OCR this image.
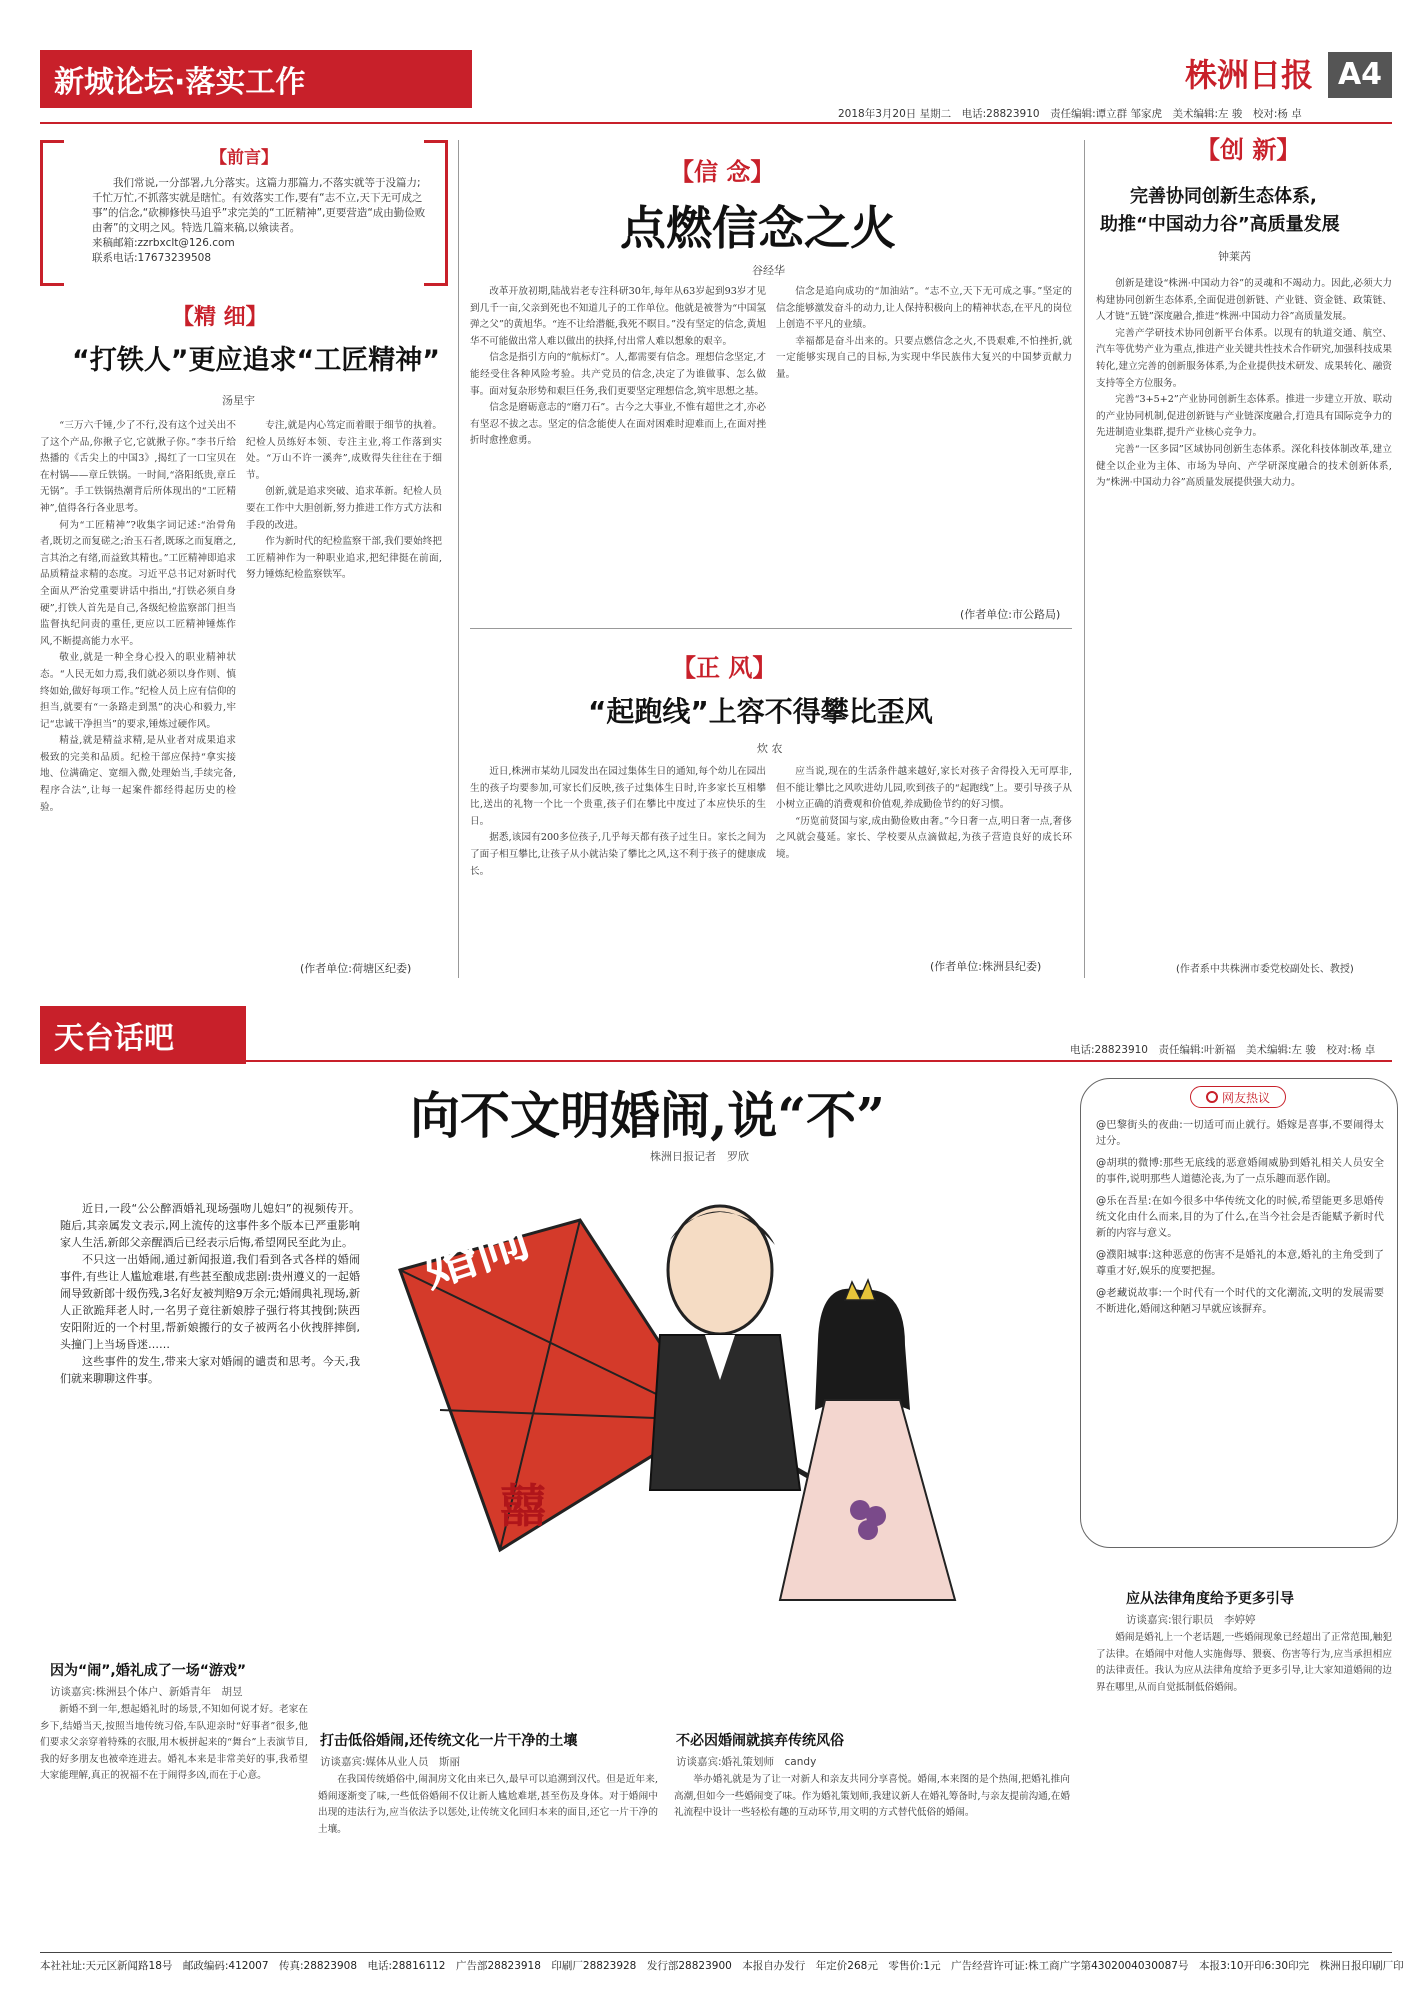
新城论坛·落实工作	株洲日报 A4
2018年3月20日 星期二　电话:28823910　责任编辑:谭立群 邹家虎　美术编辑:左 骏　校对:杨 卓
【前言】
我们常说,一分部署,九分落实。这篇力那篇力,不落实就等于没篇力;千忙万忙,不抓落实就是瞎忙。有效落实工作,要有“志不立,天下无可成之事”的信念,“砍柳修快马追乎”求完美的“工匠精神”,更要营造“成由勤俭败由奢”的文明之风。特选几篇来稿,以飨读者。
来稿邮箱:zzrbxclt@126.com
联系电话:17673239508
【精 细】
“打铁人”更应追求“工匠精神”
汤星宇

“三万六千锤,少了不行,没有这个过关出不了这个产品,你揪子它,它就揪子你。”李书斤给热播的《舌尖上的中国3》,揭红了一口宝贝在在村锅——章丘铁锅。一时间,“洛阳纸贵,章丘无锅”。手工铁锅热潮背后所体现出的“工匠精神”,值得各行各业思考。

何为“工匠精神”?收集字词记述:“治骨角者,既切之而复磋之;治玉石者,既琢之而复磨之,言其治之有绪,而益致其精也。”工匠精神即追求品质精益求精的态度。习近平总书记对新时代全面从严治党重要讲话中指出,“打铁必须自身硬”,打铁人首先是自己,各级纪检监察部门担当监督执纪问责的重任,更应以工匠精神锤炼作风,不断提高能力水平。

敬业,就是一种全身心投入的职业精神状态。“人民无如力焉,我们就必须以身作则、慎终如始,做好每项工作。”纪检人员上应有信仰的担当,就要有“一条路走到黑”的决心和毅力,牢记“忠诚干净担当”的要求,锤炼过硬作风。

精益,就是精益求精,是从业者对成果追求极致的完美和品质。纪检干部应保持“拿实接地、位满确定、宽细入微,处理始当,手续完备,程序合法”,让每一起案件都经得起历史的检验。

专注,就是内心笃定而着眼于细节的执着。纪检人员练好本领、专注主业,将工作落到实处。“万山不许一溪奔”,成败得失往往在于细节。

创新,就是追求突破、追求革新。纪检人员要在工作中大胆创新,努力推进工作方式方法和手段的改进。

作为新时代的纪检监察干部,我们要始终把工匠精神作为一种职业追求,把纪律挺在前面,努力锤炼纪检监察铁军。

(作者单位:荷塘区纪委)
【信 念】
点燃信念之火
谷经华

改革开放初期,陆战岩老专注科研30年,每年从63岁起到93岁才见到几千一亩,父亲到死也不知道儿子的工作单位。他就是被誉为“中国氢弹之父”的黄旭华。“连不让给潜艇,我死不瞑目。”没有坚定的信念,黄旭华不可能做出常人难以做出的抉择,付出常人难以想象的艰辛。

信念是指引方向的“航标灯”。人,都需要有信念。理想信念坚定,才能经受住各种风险考验。共产党员的信念,决定了为谁做事、怎么做事。面对复杂形势和艰巨任务,我们更要坚定理想信念,筑牢思想之基。

信念是磨砺意志的“磨刀石”。古今之大事业,不惟有超世之才,亦必有坚忍不拔之志。坚定的信念能使人在面对困难时迎难而上,在面对挫折时愈挫愈勇。

信念是追向成功的“加油站”。“志不立,天下无可成之事。”坚定的信念能够激发奋斗的动力,让人保持积极向上的精神状态,在平凡的岗位上创造不平凡的业绩。

幸福都是奋斗出来的。只要点燃信念之火,不畏艰难,不怕挫折,就一定能够实现自己的目标,为实现中华民族伟大复兴的中国梦贡献力量。

(作者单位:市公路局)
【正 风】
“起跑线”上容不得攀比歪风
炊 农

近日,株洲市某幼儿园发出在园过集体生日的通知,每个幼儿在园出生的孩子均要参加,可家长们反映,孩子过集体生日时,许多家长互相攀比,送出的礼物一个比一个贵重,孩子们在攀比中度过了本应快乐的生日。

据悉,该园有200多位孩子,几乎每天都有孩子过生日。家长之间为了面子相互攀比,让孩子从小就沾染了攀比之风,这不利于孩子的健康成长。

应当说,现在的生活条件越来越好,家长对孩子舍得投入无可厚非,但不能让攀比之风吹进幼儿园,吹到孩子的“起跑线”上。要引导孩子从小树立正确的消费观和价值观,养成勤俭节约的好习惯。

“历览前贤国与家,成由勤俭败由奢。”今日奢一点,明日奢一点,奢侈之风就会蔓延。家长、学校要从点滴做起,为孩子营造良好的成长环境。

(作者单位:株洲县纪委)
【创 新】
完善协同创新生态体系,
助推“中国动力谷”高质量发展
钟莱芮

创新是建设“株洲·中国动力谷”的灵魂和不竭动力。因此,必须大力构建协同创新生态体系,全面促进创新链、产业链、资金链、政策链、人才链“五链”深度融合,推进“株洲·中国动力谷”高质量发展。

完善产学研技术协同创新平台体系。以现有的轨道交通、航空、汽车等优势产业为重点,推进产业关键共性技术合作研究,加强科技成果转化,建立完善的创新服务体系,为企业提供技术研发、成果转化、融资支持等全方位服务。

完善“3+5+2”产业协同创新生态体系。推进一步建立开放、联动的产业协同机制,促进创新链与产业链深度融合,打造具有国际竞争力的先进制造业集群,提升产业核心竞争力。

完善“一区多园”区域协同创新生态体系。深化科技体制改革,建立健全以企业为主体、市场为导向、产学研深度融合的技术创新体系,为“株洲·中国动力谷”高质量发展提供强大动力。

(作者系中共株洲市委党校副处长、教授)
天台话吧	电话:28823910　责任编辑:叶新福　美术编辑:左 骏　校对:杨 卓
向不文明婚闹,说“不”
株洲日报记者　罗欣

近日,一段“公公醉酒婚礼现场强吻儿媳妇”的视频传开。随后,其亲属发文表示,网上流传的这事件多个版本已严重影响家人生活,新郎父亲醒酒后已经表示后悔,希望网民至此为止。

不只这一出婚闹,通过新闻报道,我们看到各式各样的婚闹事件,有些让人尴尬难堪,有些甚至酿成悲剧:贵州遵义的一起婚闹导致新郎十级伤残,3名好友被判赔9万余元;婚闹典礼现场,新人正欲跪拜老人时,一名男子竟往新娘脖子强行将其拽倒;陕西安阳附近的一个村里,帮新娘搬行的女子被两名小伙拽胖摔倒,头撞门上当场昏迷……

这些事件的发生,带来大家对婚闹的谴责和思考。今天,我们就来聊聊这件事。

婚闹
囍
网友热议

@巴黎街头的夜曲:一切适可而止就行。婚嫁是喜事,不要闹得太过分。

@胡琪的微博:那些无底线的恶意婚闹威胁到婚礼相关人员安全的事件,说明那些人道德沦丧,为了一点乐趣而恶作剧。

@乐在吾星:在如今很多中华传统文化的时候,希望能更多思婚传统文化由什么而来,目的为了什么,在当今社会是否能赋予新时代新的内容与意义。

@濮阳城事:这种恶意的伤害不是婚礼的本意,婚礼的主角受到了尊重才好,娱乐的度要把握。

@老藏说故事:一个时代有一个时代的文化潮流,文明的发展需要不断进化,婚闹这种陋习早就应该摒弃。

因为“闹”,婚礼成了一场“游戏”
访谈嘉宾:株洲县个体户、新婚青年　胡昱

新婚不到一年,想起婚礼时的场景,不知如何说才好。老家在乡下,结婚当天,按照当地传统习俗,车队迎亲时“好事者”很多,他们要求父亲穿着特殊的衣服,用木板拼起来的“舞台”上表演节目,我的好多朋友也被牵连进去。婚礼本来是非常美好的事,我希望大家能理解,真正的祝福不在于闹得多凶,而在于心意。

打击低俗婚闹,还传统文化一片干净的土壤
访谈嘉宾:媒体从业人员　斯丽

在我国传统婚俗中,闹洞房文化由来已久,最早可以追溯到汉代。但是近年来,婚闹逐渐变了味,一些低俗婚闹不仅让新人尴尬难堪,甚至伤及身体。对于婚闹中出现的违法行为,应当依法予以惩处,让传统文化回归本来的面目,还它一片干净的土壤。

不必因婚闹就摈弃传统风俗
访谈嘉宾:婚礼策划师　candy

举办婚礼就是为了让一对新人和亲友共同分享喜悦。婚闹,本来图的是个热闹,把婚礼推向高潮,但如今一些婚闹变了味。作为婚礼策划师,我建议新人在婚礼筹备时,与亲友提前沟通,在婚礼流程中设计一些轻松有趣的互动环节,用文明的方式替代低俗的婚闹。

应从法律角度给予更多引导
访谈嘉宾:银行职员　李婷婷

婚闹是婚礼上一个老话题,一些婚闹现象已经超出了正常范围,触犯了法律。在婚闹中对他人实施侮辱、猥亵、伤害等行为,应当承担相应的法律责任。我认为应从法律角度给予更多引导,让大家知道婚闹的边界在哪里,从而自觉抵制低俗婚闹。

本社社址:天元区新闻路18号　邮政编码:412007　传真:28823908　电话:28816112　广告部28823918　印刷厂28823928　发行部28823900　本报自办发行　年定价268元　零售价:1元　广告经营许可证:株工商广字第4302004030087号　本报3:10开印6:30印完　株洲日报印刷厂印
